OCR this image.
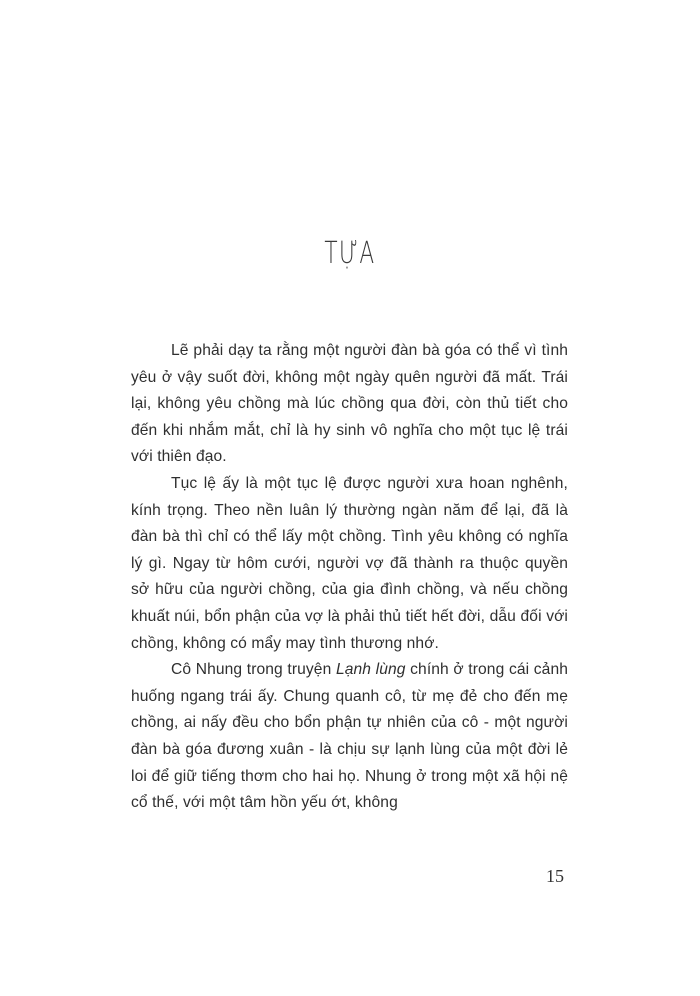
TỰA

Lẽ phải dạy ta rằng một người đàn bà góa có thể vì tình yêu ở vậy suốt đời, không một ngày quên người đã mất. Trái lại, không yêu chồng mà lúc chồng qua đời, còn thủ tiết cho đến khi nhắm mắt, chỉ là hy sinh vô nghĩa cho một tục lệ trái với thiên đạo.

Tục lệ ấy là một tục lệ được người xưa hoan nghênh, kính trọng. Theo nền luân lý thường ngàn năm để lại, đã là đàn bà thì chỉ có thể lấy một chồng. Tình yêu không có nghĩa lý gì. Ngay từ hôm cưới, người vợ đã thành ra thuộc quyền sở hữu của người chồng, của gia đình chồng, và nếu chồng khuất núi, bổn phận của vợ là phải thủ tiết hết đời, dẫu đối với chồng, không có mẩy may tình thương nhớ.

Cô Nhung trong truyện Lạnh lùng chính ở trong cái cảnh huống ngang trái ấy. Chung quanh cô, từ mẹ đẻ cho đến mẹ chồng, ai nấy đều cho bổn phận tự nhiên của cô - một người đàn bà góa đương xuân - là chịu sự lạnh lùng của một đời lẻ loi để giữ tiếng thơm cho hai họ. Nhung ở trong một xã hội nệ cổ thế, với một tâm hồn yếu ớt, không

15
